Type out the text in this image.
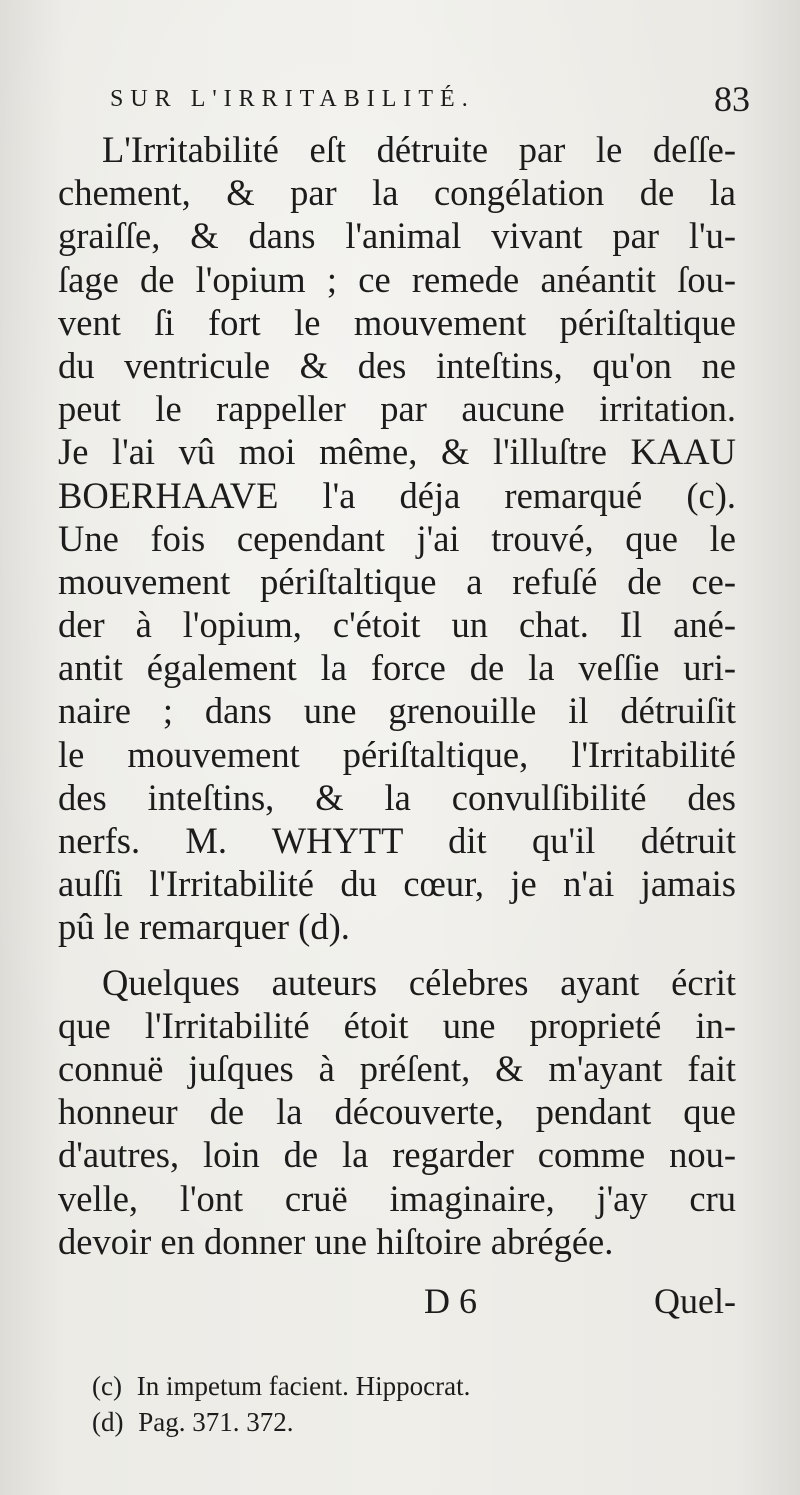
SUR L'IRRITABILITÉ.	83
L'Irritabilité eſt détruite par le deſſe-
chement, & par la congélation de la
graiſſe, & dans l'animal vivant par l'u-
ſage de l'opium ; ce remede anéantit ſou-
vent ſi fort le mouvement périſtaltique
du ventricule & des inteſtins, qu'on ne
peut le rappeller par aucune irritation.
Je l'ai vû moi même, & l'illuſtre KAAU
BOERHAAVE l'a déja remarqué (c).
Une fois cependant j'ai trouvé, que le
mouvement périſtaltique a refuſé de ce-
der à l'opium, c'étoit un chat. Il ané-
antit également la force de la veſſie uri-
naire ; dans une grenouille il détruiſit
le mouvement périſtaltique, l'Irritabilité
des inteſtins, & la convulſibilité des
nerfs. M. WHYTT dit qu'il détruit
auſſi l'Irritabilité du cœur, je n'ai jamais
pû le remarquer (d).
Quelques auteurs célebres ayant écrit
que l'Irritabilité étoit une proprieté in-
connuë juſques à préſent, & m'ayant fait
honneur de la découverte, pendant que
d'autres, loin de la regarder comme nou-
velle, l'ont cruë imaginaire, j'ay cru
devoir en donner une hiſtoire abrégée.
D 6	Quel-
(c) In impetum facient. Hippocrat.
(d) Pag. 371. 372.
